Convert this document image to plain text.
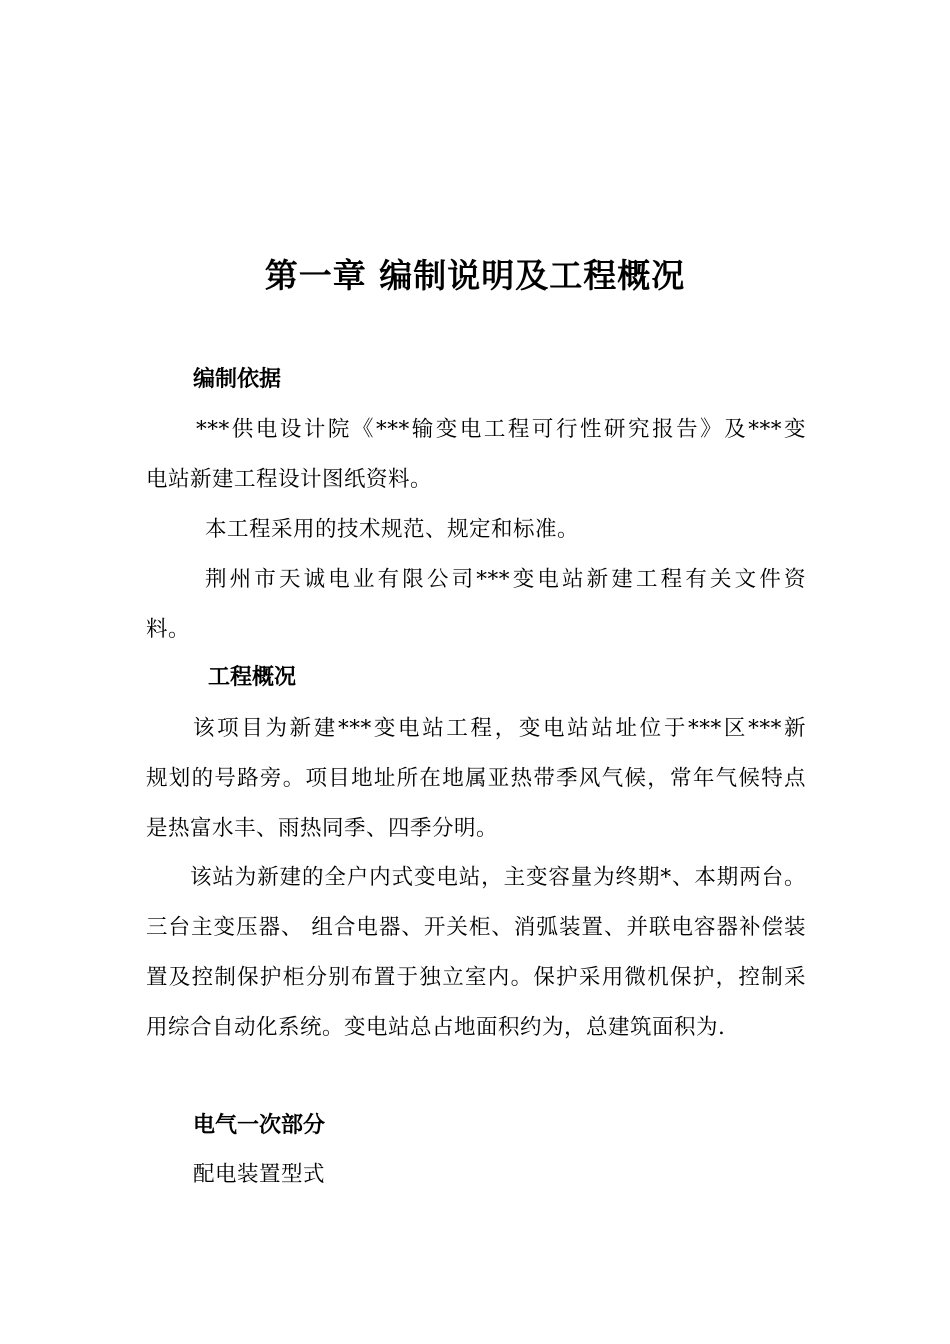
第一章 编制说明及工程概况
编制依据
***供电设计院《***输变电工程可行性研究报告》及***变
电站新建工程设计图纸资料。
本工程采用的技术规范、规定和标准。
荆州市天诚电业有限公司***变电站新建工程有关文件资
料。
工程概况
该项目为新建***变电站工程，变电站站址位于***区***新
规划的号路旁。项目地址所在地属亚热带季风气候，常年气候特点
是热富水丰、雨热同季、四季分明。
该站为新建的全户内式变电站，主变容量为终期*、本期两台。
三台主变压器、 组合电器、开关柜、消弧装置、并联电容器补偿装
置及控制保护柜分别布置于独立室内。保护采用微机保护，控制采
用综合自动化系统。变电站总占地面积约为，总建筑面积为.
电气一次部分
配电装置型式
